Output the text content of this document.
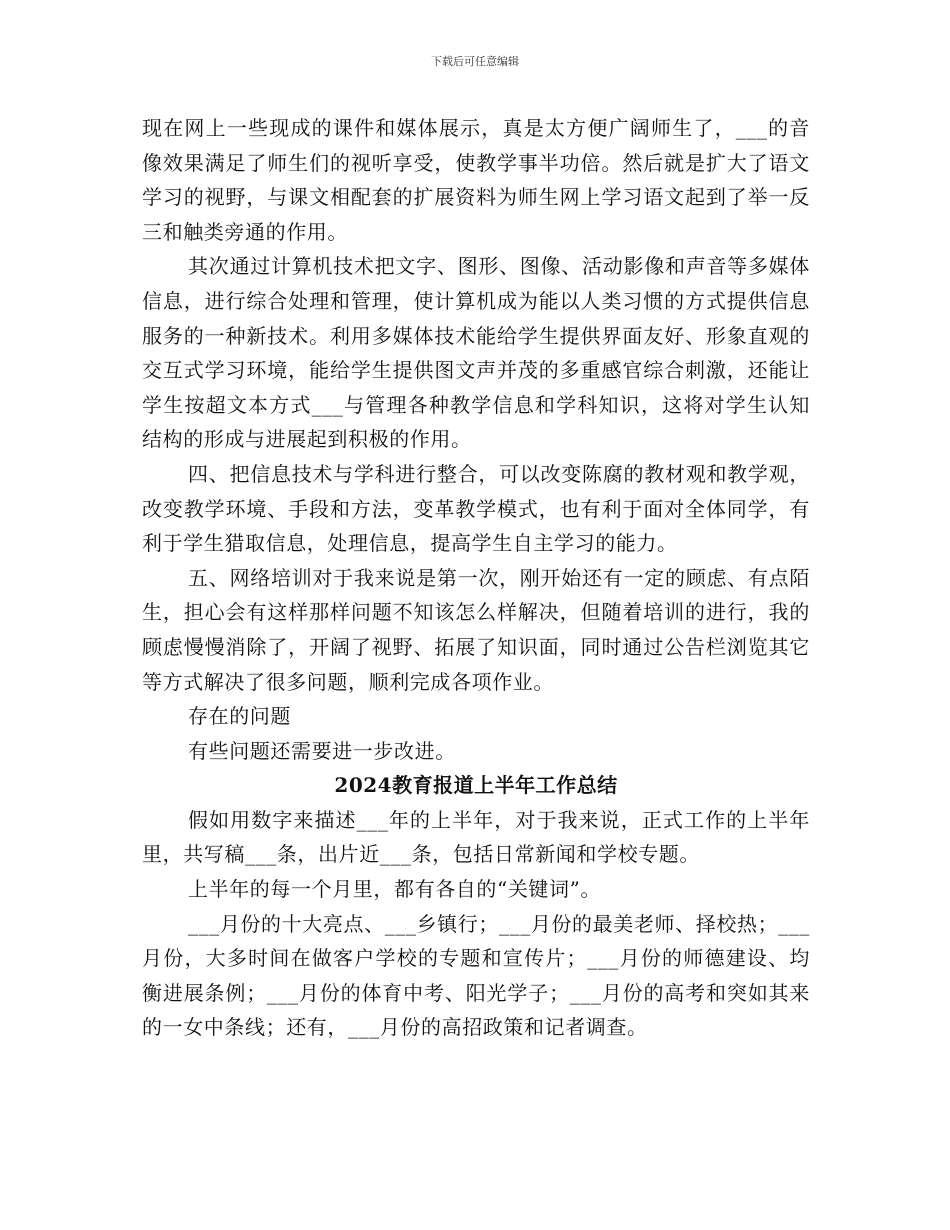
下载后可任意编辑

现在网上一些现成的课件和媒体展示，真是太方便广阔师生了，___的音像效果满足了师生们的视听享受，使教学事半功倍。然后就是扩大了语文学习的视野，与课文相配套的扩展资料为师生网上学习语文起到了举一反三和触类旁通的作用。

其次通过计算机技术把文字、图形、图像、活动影像和声音等多媒体信息，进行综合处理和管理，使计算机成为能以人类习惯的方式提供信息服务的一种新技术。利用多媒体技术能给学生提供界面友好、形象直观的交互式学习环境，能给学生提供图文声并茂的多重感官综合刺激，还能让学生按超文本方式___与管理各种教学信息和学科知识，这将对学生认知结构的形成与进展起到积极的作用。

四、把信息技术与学科进行整合，可以改变陈腐的教材观和教学观，改变教学环境、手段和方法，变革教学模式，也有利于面对全体同学，有利于学生猎取信息，处理信息，提高学生自主学习的能力。

五、网络培训对于我来说是第一次，刚开始还有一定的顾虑、有点陌生，担心会有这样那样问题不知该怎么样解决，但随着培训的进行，我的顾虑慢慢消除了，开阔了视野、拓展了知识面，同时通过公告栏浏览其它等方式解决了很多问题，顺利完成各项作业。

存在的问题

有些问题还需要进一步改进。

2024教育报道上半年工作总结

假如用数字来描述___年的上半年，对于我来说，正式工作的上半年里，共写稿___条，出片近___条，包括日常新闻和学校专题。

上半年的每一个月里，都有各自的“关键词”。

___月份的十大亮点、___乡镇行；___月份的最美老师、择校热；___月份，大多时间在做客户学校的专题和宣传片；___月份的师德建设、均衡进展条例；___月份的体育中考、阳光学子；___月份的高考和突如其来的一女中条线；还有，___月份的高招政策和记者调查。
